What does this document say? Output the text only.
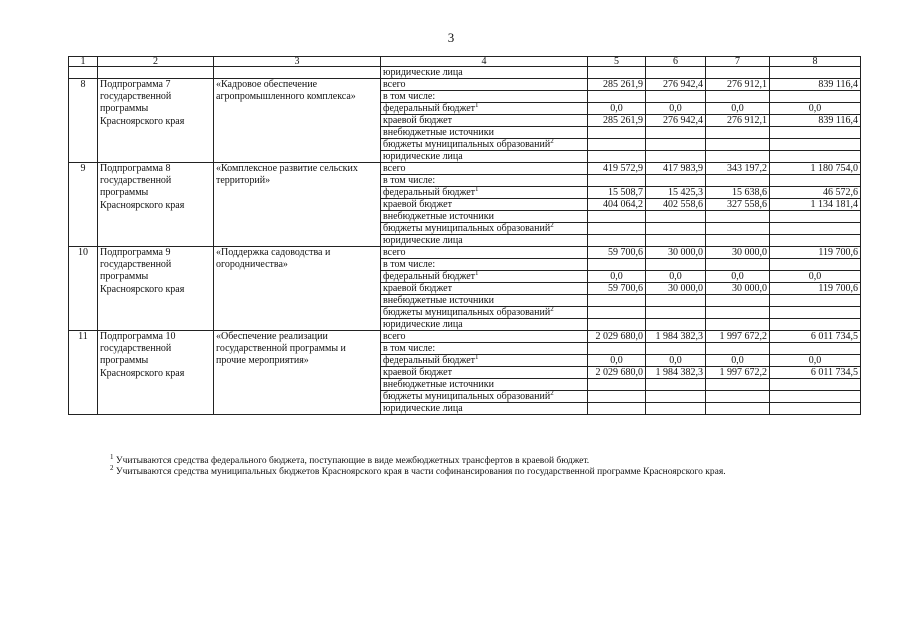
3
1	2	3	4	5	6	7	8
			юридические лица				
8	Подпрограмма 7 государственной программы Красноярского края	«Кадровое обеспечение агропромышленного комплекса»	всего	285 261,9	276 942,4	276 912,1	839 116,4
			в том числе:				
			федеральный бюджет$^1$	0,0	0,0	0,0	0,0
			краевой бюджет	285 261,9	276 942,4	276 912,1	839 116,4
			внебюджетные источники				
			бюджеты муниципальных образований$^2$				
			юридические лица				
9	Подпрограмма 8 государственной программы Красноярского края	«Комплексное развитие сельских территорий»	всего	419 572,9	417 983,9	343 197,2	1 180 754,0
			в том числе:				
			федеральный бюджет$^1$	15 508,7	15 425,3	15 638,6	46 572,6
			краевой бюджет	404 064,2	402 558,6	327 558,6	1 134 181,4
			внебюджетные источники				
			бюджеты муниципальных образований$^2$				
			юридические лица				
10	Подпрограмма 9 государственной программы Красноярского края	«Поддержка садоводства и огородничества»	всего	59 700,6	30 000,0	30 000,0	119 700,6
			в том числе:				
			федеральный бюджет$^1$	0,0	0,0	0,0	0,0
			краевой бюджет	59 700,6	30 000,0	30 000,0	119 700,6
			внебюджетные источники				
			бюджеты муниципальных образований$^2$				
			юридические лица				
11	Подпрограмма 10 государственной программы Красноярского края	«Обеспечение реализации государственной программы и прочие мероприятия»	всего	2 029 680,0	1 984 382,3	1 997 672,2	6 011 734,5
			в том числе:				
			федеральный бюджет$^1$	0,0	0,0	0,0	0,0
			краевой бюджет	2 029 680,0	1 984 382,3	1 997 672,2	6 011 734,5
			внебюджетные источники				
			бюджеты муниципальных образований$^2$				
			юридические лица				
$^1$ Учитываются средства федерального бюджета, поступающие в виде межбюджетных трансфертов в краевой бюджет.
$^2$ Учитываются средства муниципальных бюджетов Красноярского края в части софинансирования по государственной программе Красноярского края.
